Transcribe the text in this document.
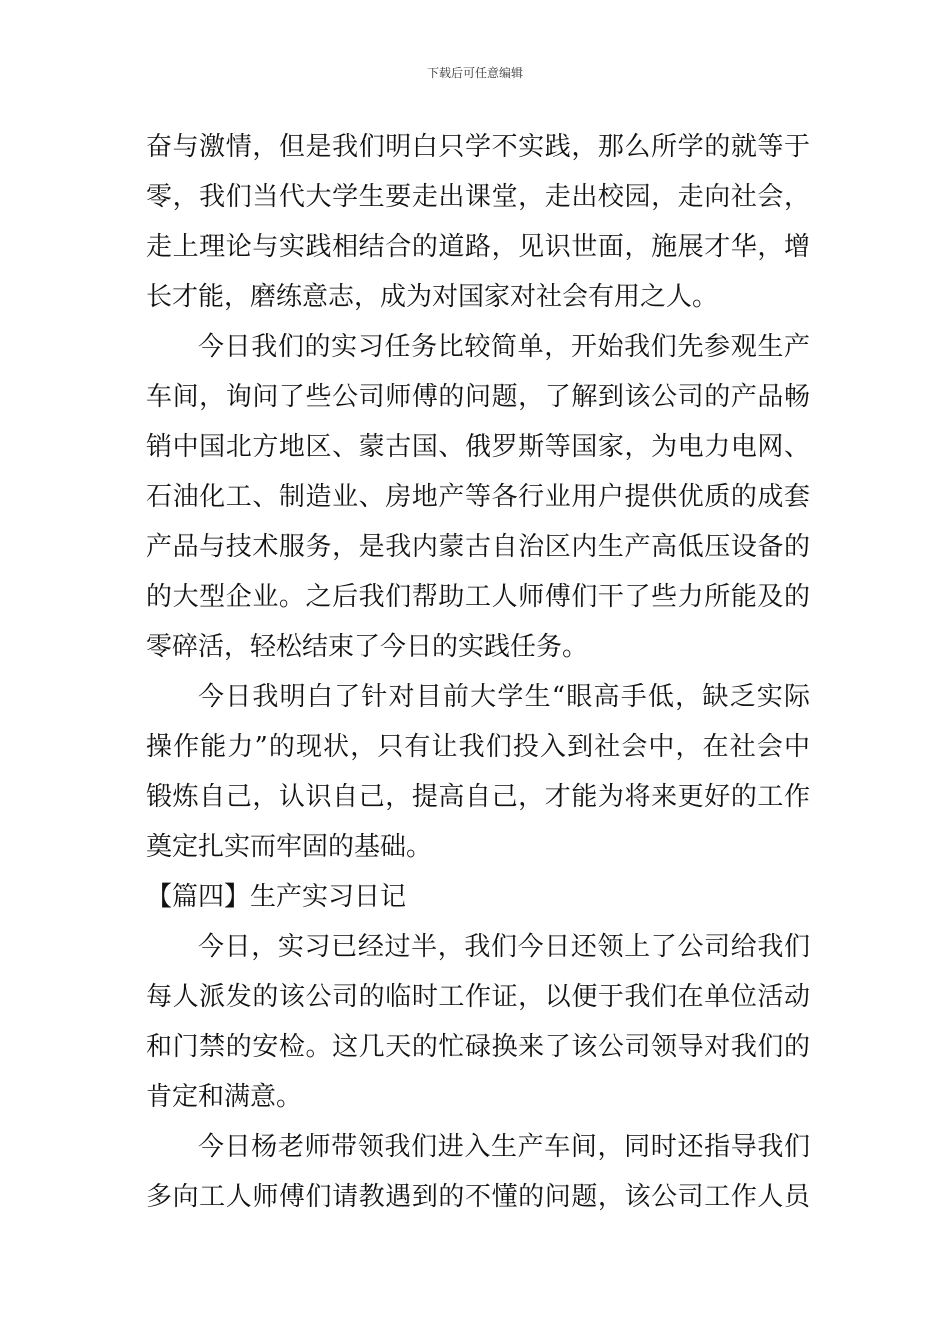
下载后可任意编辑
奋与激情，但是我们明白只学不实践，那么所学的就等于
零，我们当代大学生要走出课堂，走出校园，走向社会，
走上理论与实践相结合的道路，见识世面，施展才华，增
长才能，磨练意志，成为对国家对社会有用之人。
今日我们的实习任务比较简单，开始我们先参观生产
车间，询问了些公司师傅的问题，了解到该公司的产品畅
销中国北方地区、蒙古国、俄罗斯等国家，为电力电网、
石油化工、制造业、房地产等各行业用户提供优质的成套
产品与技术服务，是我内蒙古自治区内生产高低压设备的
的大型企业。之后我们帮助工人师傅们干了些力所能及的
零碎活，轻松结束了今日的实践任务。
今日我明白了针对目前大学生“眼高手低，缺乏实际
操作能力”的现状，只有让我们投入到社会中，在社会中
锻炼自己，认识自己，提高自己，才能为将来更好的工作
奠定扎实而牢固的基础。
【篇四】生产实习日记
今日，实习已经过半，我们今日还领上了公司给我们
每人派发的该公司的临时工作证，以便于我们在单位活动
和门禁的安检。这几天的忙碌换来了该公司领导对我们的
肯定和满意。
今日杨老师带领我们进入生产车间，同时还指导我们
多向工人师傅们请教遇到的不懂的问题，该公司工作人员
